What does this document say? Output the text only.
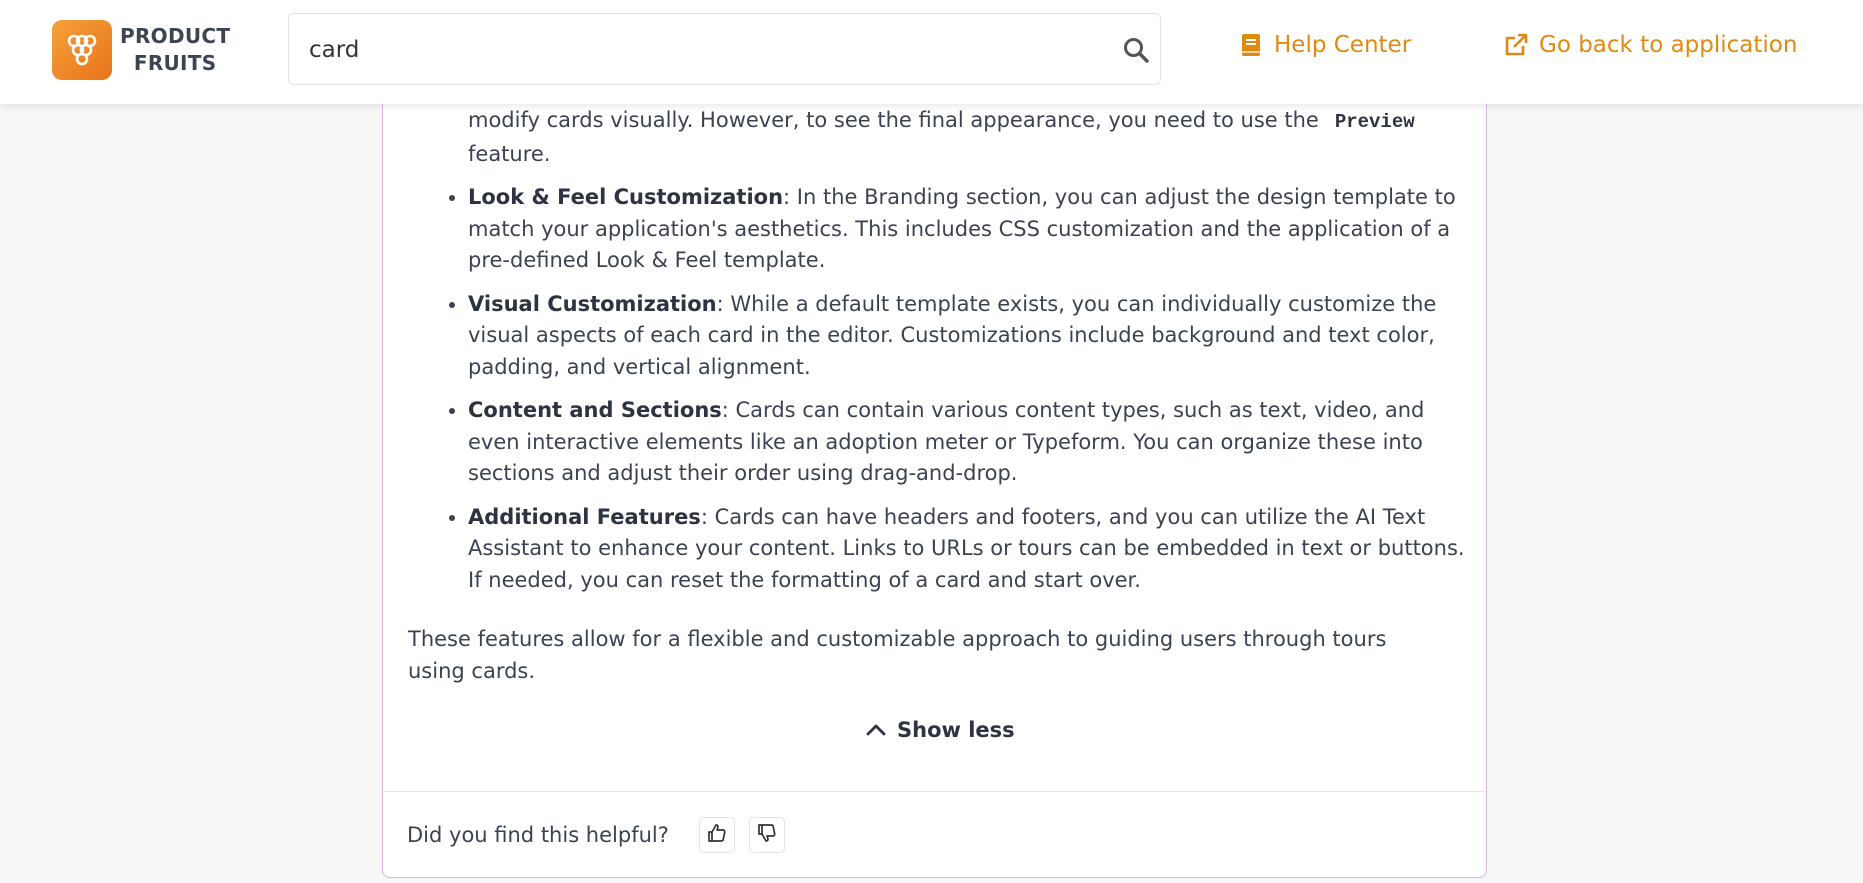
PRODUCT
FRUITS
card
Help Center	Go back to application
modify cards visually. However, to see the final appearance, you need to use the Preview
feature.
• Look & Feel Customization: In the Branding section, you can adjust the design template to match your application's aesthetics. This includes CSS customization and the application of a pre-defined Look & Feel template.
• Visual Customization: While a default template exists, you can individually customize the visual aspects of each card in the editor. Customizations include background and text color, padding, and vertical alignment.
• Content and Sections: Cards can contain various content types, such as text, video, and even interactive elements like an adoption meter or Typeform. You can organize these into sections and adjust their order using drag-and-drop.
• Additional Features: Cards can have headers and footers, and you can utilize the AI Text Assistant to enhance your content. Links to URLs or tours can be embedded in text or buttons. If needed, you can reset the formatting of a card and start over.

These features allow for a flexible and customizable approach to guiding users through tours using cards.

Show less
Did you find this helpful?
